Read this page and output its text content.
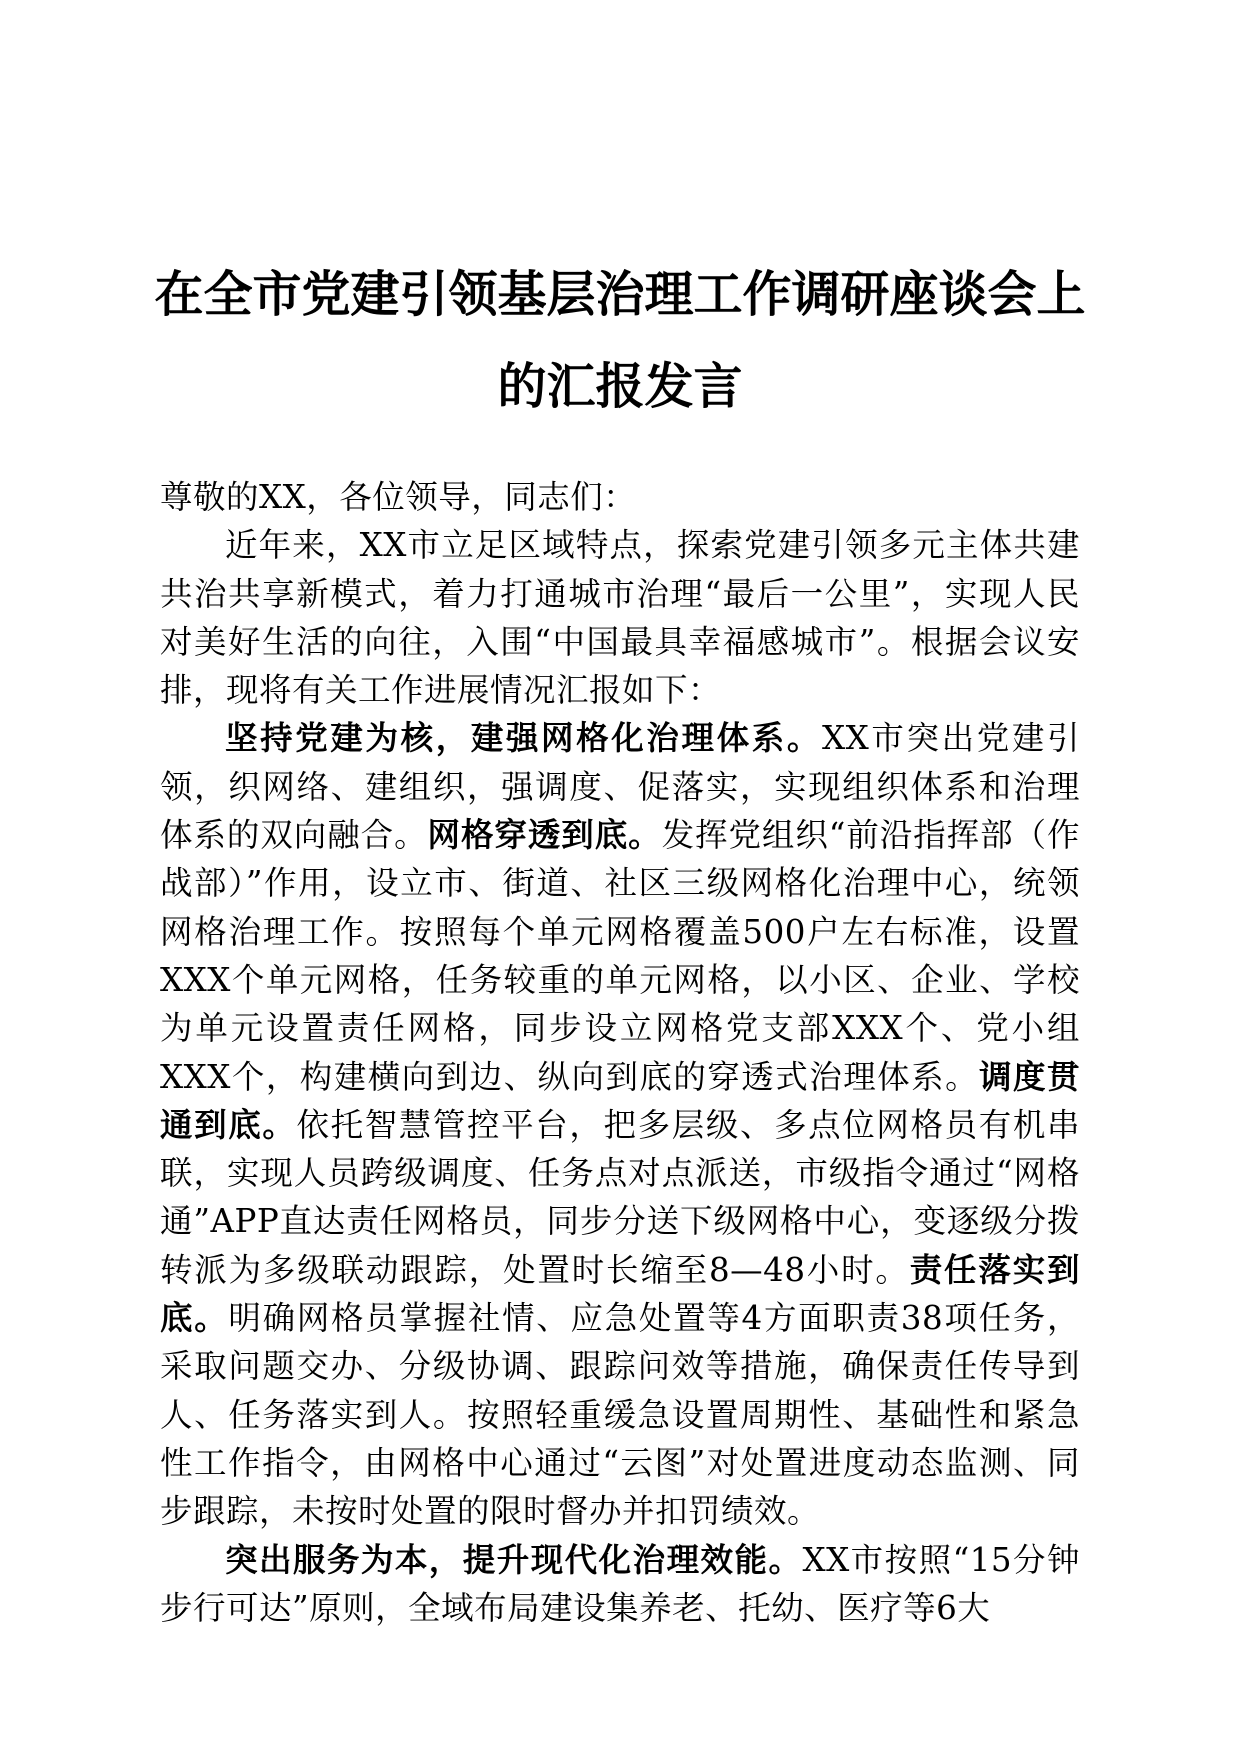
在全市党建引领基层治理工作调研座谈会上的汇报发言

尊敬的XX，各位领导，同志们：

近年来，XX市立足区域特点，探索党建引领多元主体共建共治共享新模式，着力打通城市治理“最后一公里”，实现人民对美好生活的向往，入围“中国最具幸福感城市”。根据会议安排，现将有关工作进展情况汇报如下：

坚持党建为核，建强网格化治理体系。XX市突出党建引领，织网络、建组织，强调度、促落实，实现组织体系和治理体系的双向融合。网格穿透到底。发挥党组织“前沿指挥部（作战部）”作用，设立市、街道、社区三级网格化治理中心，统领网格治理工作。按照每个单元网格覆盖500户左右标准，设置XXX个单元网格，任务较重的单元网格，以小区、企业、学校为单元设置责任网格，同步设立网格党支部XXX个、党小组XXX个，构建横向到边、纵向到底的穿透式治理体系。调度贯通到底。依托智慧管控平台，把多层级、多点位网格员有机串联，实现人员跨级调度、任务点对点派送，市级指令通过“网格通”APP直达责任网格员，同步分送下级网格中心，变逐级分拨转派为多级联动跟踪，处置时长缩至8—48小时。责任落实到底。明确网格员掌握社情、应急处置等4方面职责38项任务，采取问题交办、分级协调、跟踪问效等措施，确保责任传导到人、任务落实到人。按照轻重缓急设置周期性、基础性和紧急性工作指令，由网格中心通过“云图”对处置进度动态监测、同步跟踪，未按时处置的限时督办并扣罚绩效。

突出服务为本，提升现代化治理效能。XX市按照“15分钟步行可达”原则，全域布局建设集养老、托幼、医疗等6大
